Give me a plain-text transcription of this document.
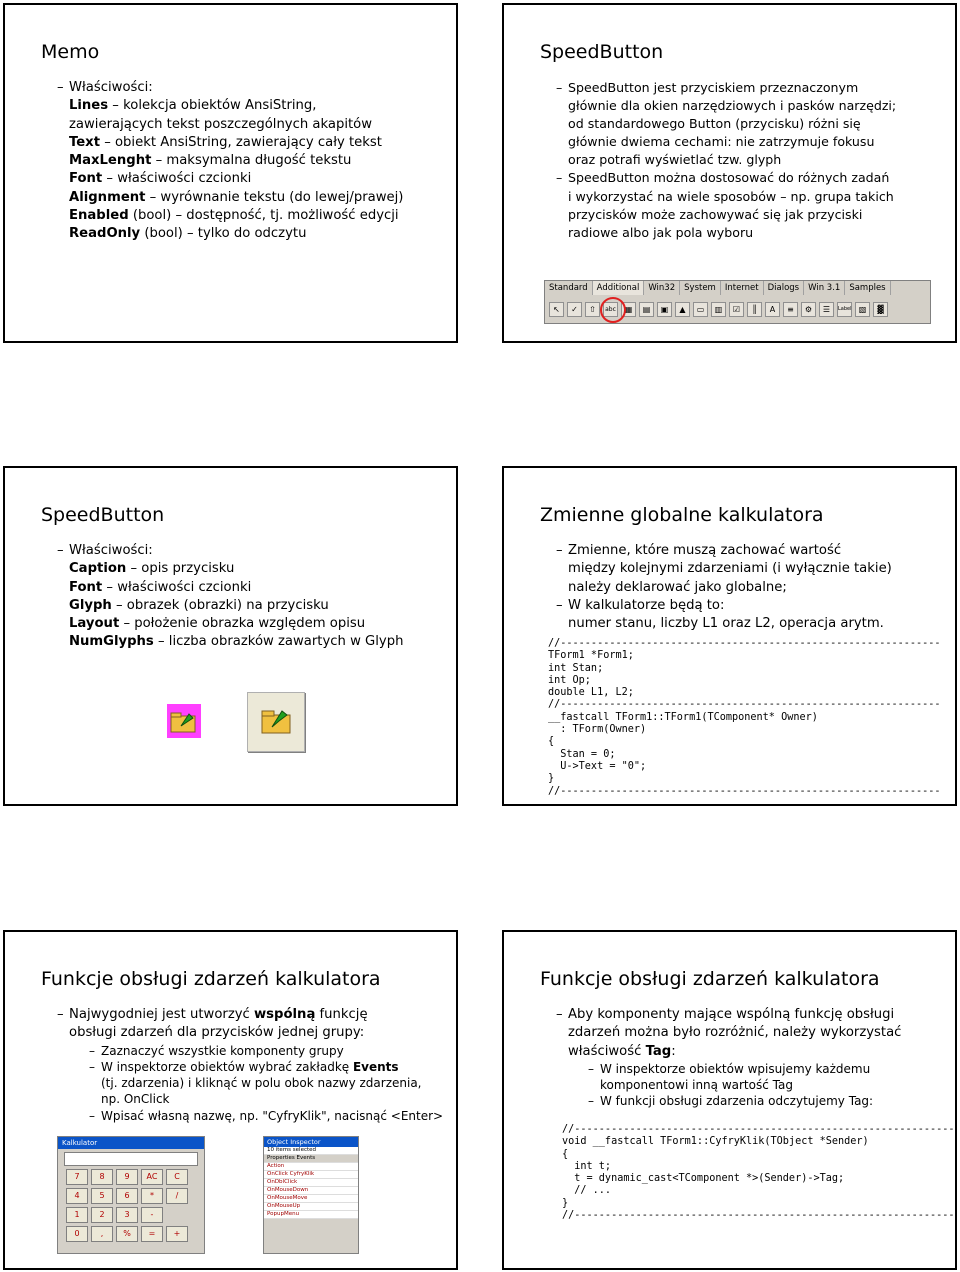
Memo
– Właściwości:
Lines – kolekcja obiektów AnsiString,
zawierających tekst poszczególnych akapitów
Text – obiekt AnsiString, zawierający cały tekst
MaxLenght – maksymalna długość tekstu
Font – właściwości czcionki
Alignment – wyrównanie tekstu (do lewej/prawej)
Enabled (bool) – dostępność, tj. możliwość edycji
ReadOnly (bool) – tylko do odczytu
SpeedButton
– SpeedButton jest przyciskiem przeznaczonym
głównie dla okien narzędziowych i pasków narzędzi;
od standardowego Button (przycisku) różni się
głównie dwiema cechami: nie zatrzymuje fokusu
oraz potrafi wyświetlać tzw. glyph
– SpeedButton można dostosować do różnych zadań
i wykorzystać na wiele sposobów – np. grupa takich
przycisków może zachowywać się jak przyciski
radiowe albo jak pola wyboru
Standard Additional Win32 System Internet Dialogs Win 3.1 Samples
↖	✓	⇧	abc	▦	▤	▣	▲	▭	▥	☑	║	A	≡	⚙	☰	Label ▧	▓
SpeedButton
– Właściwości:
Caption – opis przycisku
Font – właściwości czcionki
Glyph – obrazek (obrazki) na przycisku
Layout – położenie obrazka względem opisu
NumGlyphs – liczba obrazków zawartych w Glyph
Zmienne globalne kalkulatora
– Zmienne, które muszą zachować wartość
między kolejnymi zdarzeniami (i wyłącznie takie)
należy deklarować jako globalne;
– W kalkulatorze będą to:
numer stanu, liczby L1 oraz L2, operacja arytm.
//--------------------------------------------------------------
TForm1 *Form1;
int Stan;
int Op;
double L1, L2;
//--------------------------------------------------------------
__fastcall TForm1::TForm1(TComponent* Owner)
: TForm(Owner)
{
Stan = 0;
U->Text = "0";
}
//--------------------------------------------------------------
Funkcje obsługi zdarzeń kalkulatora
– Najwygodniej jest utworzyć wspólną funkcję
obsługi zdarzeń dla przycisków jednej grupy:
– Zaznaczyć wszystkie komponenty grupy
– W inspektorze obiektów wybrać zakładkę Events
(tj. zdarzenia) i kliknąć w polu obok nazwy zdarzenia,
np. OnClick
– Wpisać własną nazwę, np. "CyfryKlik", nacisnąć <Enter>
Kalkulator
7	8	9	AC	C
4	5	6	*	/
1	2	3	-
0	,	%	=	+
Object Inspector
10 items selected
Properties Events
Action
OnClick CyfryKlik
OnDblClick
OnMouseDown
OnMouseMove
OnMouseUp
PopupMenu
Funkcje obsługi zdarzeń kalkulatora
– Aby komponenty mające wspólną funkcję obsługi
zdarzeń można było rozróżnić, należy wykorzystać
właściwość Tag:
– W inspektorze obiektów wpisujemy każdemu
komponentowi inną wartość Tag
– W funkcji obsługi zdarzenia odczytujemy Tag:
//--------------------------------------------------------------
void __fastcall TForm1::CyfryKlik(TObject *Sender)
{
int t;
t = dynamic_cast<TComponent *>(Sender)->Tag;
// ...
}
//--------------------------------------------------------------
